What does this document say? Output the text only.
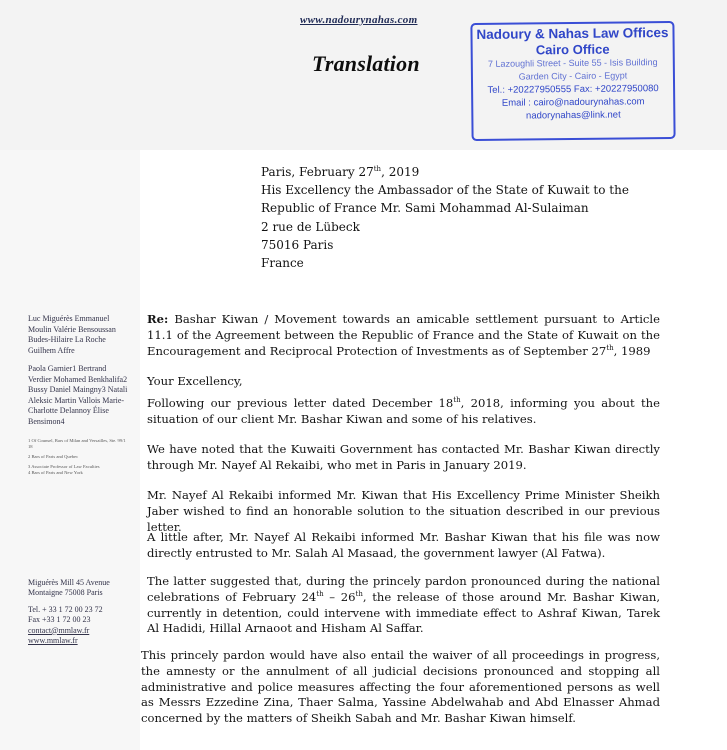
www.nadourynahas.com
Translation
Nadoury & Nahas Law Offices
Cairo Office
7 Lazoughli Street - Suite 55 - Isis Building
Garden City - Cairo - Egypt
Tel.: +20227950555 Fax: +20227950080
Email : cairo@nadourynahas.com
nadorynahas@link.net
Paris, February 27th, 2019
His Excellency the Ambassador of the State of Kuwait to the
Republic of France Mr. Sami Mohammad Al-Sulaiman
2 rue de Lübeck
75016 Paris
France
Luc Miguérès Emmanuel
Moulin Valérie Bensoussan
Budes-Hilaire La Roche
Guilhem Affre
Paola Garnier1 Bertrand
Verdier Mohamed Benkhalifa2
Bussy Daniel Maingny3 Natali
Aleksic Martin Vallois Marie-
Charlotte Delannoy Élise
Bensimon4
1 Of Counsel, Bars of Milan and Versailles, Ste. 99/1
18
2 Bars of Paris and Quebec
3 Associate Professor of Law Faculties
4 Bars of Paris and New York
Miguérès Mill 45 Avenue
Montaigne 75008 Paris
Tel. + 33 1 72 00 23 72
Fax +33 1 72 00 23
contact@mmlaw.fr
www.mmlaw.fr

Re: Bashar Kiwan / Movement towards an amicable settlement pursuant to Article 11.1 of the Agreement between the Republic of France and the State of Kuwait on the Encouragement and Reciprocal Protection of Investments as of September 27th, 1989

Your Excellency,

Following our previous letter dated December 18th, 2018, informing you about the situation of our client Mr. Bashar Kiwan and some of his relatives.

We have noted that the Kuwaiti Government has contacted Mr. Bashar Kiwan directly through Mr. Nayef Al Rekaibi, who met in Paris in January 2019.
Mr. Nayef Al Rekaibi informed Mr. Kiwan that His Excellency Prime Minister Sheikh Jaber wished to find an honorable solution to the situation described in our previous letter.
A little after, Mr. Nayef Al Rekaibi informed Mr. Bashar Kiwan that his file was now directly entrusted to Mr. Salah Al Masaad, the government lawyer (Al Fatwa).

The latter suggested that, during the princely pardon pronounced during the national celebrations of February 24th – 26th, the release of those around Mr. Bashar Kiwan, currently in detention, could intervene with immediate effect to Ashraf Kiwan, Tarek Al Hadidi, Hillal Arnaoot and Hisham Al Saffar.

This princely pardon would have also entail the waiver of all proceedings in progress, the amnesty or the annulment of all judicial decisions pronounced and stopping all administrative and police measures affecting the four aforementioned persons as well as Messrs Ezzedine Zina, Thaer Salma, Yassine Abdelwahab and Abd Elnasser Ahmad concerned by the matters of Sheikh Sabah and Mr. Bashar Kiwan himself.
